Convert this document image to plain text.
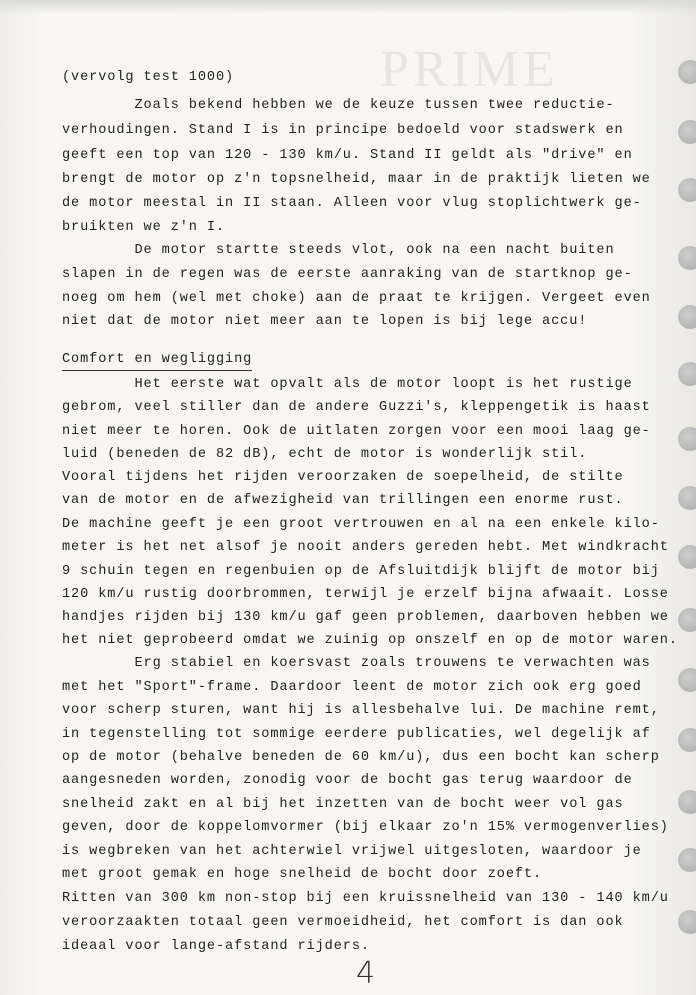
PRIME
(vervolg test 1000)
Zoals bekend hebben we de keuze tussen twee reductie-
verhoudingen. Stand I is in principe bedoeld voor stadswerk en
geeft een top van 120 - 130 km/u. Stand II geldt als "drive" en
brengt de motor op z'n topsnelheid, maar in de praktijk lieten we
de motor meestal in II staan. Alleen voor vlug stoplichtwerk ge-
bruikten we z'n I.
De motor startte steeds vlot, ook na een nacht buiten
slapen in de regen was de eerste aanraking van de startknop ge-
noeg om hem (wel met choke) aan de praat te krijgen. Vergeet even
niet dat de motor niet meer aan te lopen is bij lege accu!
Comfort en wegligging
Het eerste wat opvalt als de motor loopt is het rustige
gebrom, veel stiller dan de andere Guzzi's, kleppengetik is haast
niet meer te horen. Ook de uitlaten zorgen voor een mooi laag ge-
luid (beneden de 82 dB), echt de motor is wonderlijk stil.
Vooral tijdens het rijden veroorzaken de soepelheid, de stilte
van de motor en de afwezigheid van trillingen een enorme rust.
De machine geeft je een groot vertrouwen en al na een enkele kilo-
meter is het net alsof je nooit anders gereden hebt. Met windkracht
9 schuin tegen en regenbuien op de Afsluitdijk blijft de motor bij
120 km/u rustig doorbrommen, terwijl je erzelf bijna afwaait. Losse
handjes rijden bij 130 km/u gaf geen problemen, daarboven hebben we
het niet geprobeerd omdat we zuinig op onszelf en op de motor waren.
Erg stabiel en koersvast zoals trouwens te verwachten was
met het "Sport"-frame. Daardoor leent de motor zich ook erg goed
voor scherp sturen, want hij is allesbehalve lui. De machine remt,
in tegenstelling tot sommige eerdere publicaties, wel degelijk af
op de motor (behalve beneden de 60 km/u), dus een bocht kan scherp
aangesneden worden, zonodig voor de bocht gas terug waardoor de
snelheid zakt en al bij het inzetten van de bocht weer vol gas
geven, door de koppelomvormer (bij elkaar zo'n 15% vermogenverlies)
is wegbreken van het achterwiel vrijwel uitgesloten, waardoor je
met groot gemak en hoge snelheid de bocht door zoeft.
Ritten van 300 km non-stop bij een kruissnelheid van 130 - 140 km/u
veroorzaakten totaal geen vermoeidheid, het comfort is dan ook
ideaal voor lange-afstand rijders.
4
